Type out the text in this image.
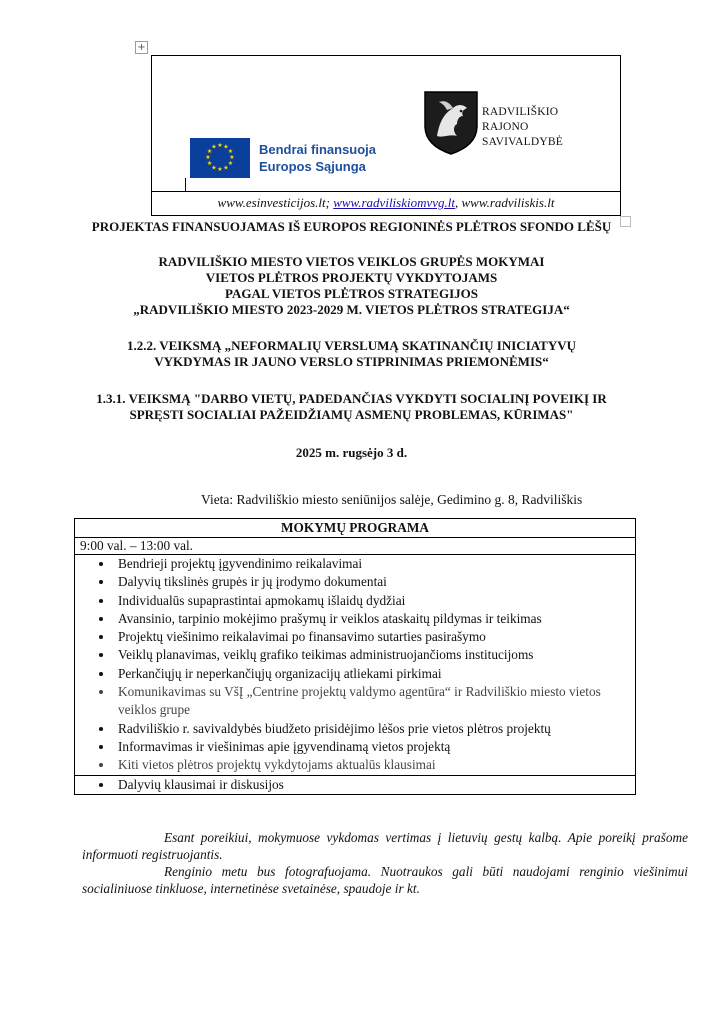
+
★ ★
★
★
★
★
★
★
★
★
★
★	Bendrai finansuoja
Europos Sąjunga
RADVILIŠKIO
RAJONO
SAVIVALDYBĖ
www.esinvesticijos.lt; www.radviliskiomvvg.lt, www.radviliskis.lt
PROJEKTAS FINANSUOJAMAS IŠ EUROPOS REGIONINĖS PLĖTROS SFONDO LĖŠŲ
RADVILIŠKIO MIESTO VIETOS VEIKLOS GRUPĖS MOKYMAI
VIETOS PLĖTROS PROJEKTŲ VYKDYTOJAMS
PAGAL VIETOS PLĖTROS STRATEGIJOS
„RADVILIŠKIO MIESTO 2023-2029 M. VIETOS PLĖTROS STRATEGIJA“
1.2.2. VEIKSMĄ „NEFORMALIŲ VERSLUMĄ SKATINANČIŲ INICIATYVŲ
VYKDYMAS IR JAUNO VERSLO STIPRINIMAS PRIEMONĖMIS“
1.3.1. VEIKSMĄ "DARBO VIETŲ, PADEDANČIAS VYKDYTI SOCIALINĮ POVEIKĮ IR
SPRĘSTI SOCIALIAI PAŽEIDŽIAMŲ ASMENŲ PROBLEMAS, KŪRIMAS"
2025 m. rugsėjo 3 d.
Vieta: Radviliškio miesto seniūnijos salėje, Gedimino g. 8, Radviliškis
MOKYMŲ PROGRAMA
9:00 val. – 13:00 val.

• Bendrieji projektų įgyvendinimo reikalavimai
• Dalyvių tikslinės grupės ir jų įrodymo dokumentai
• Individualūs supaprastintai apmokamų išlaidų dydžiai
• Avansinio, tarpinio mokėjimo prašymų ir veiklos ataskaitų pildymas ir teikimas
• Projektų viešinimo reikalavimai po finansavimo sutarties pasirašymo
• Veiklų planavimas, veiklų grafiko teikimas administruojančioms institucijoms
• Perkančiųjų ir neperkančiųjų organizacijų atliekami pirkimai
• Komunikavimas su VšĮ „Centrine projektų valdymo agentūra“ ir Radviliškio miesto vietos veiklos grupe
• Radviliškio r. savivaldybės biudžeto prisidėjimo lėšos prie vietos plėtros projektų
• Informavimas ir viešinimas apie įgyvendinamą vietos projektą
• Kiti vietos plėtros projektų vykdytojams aktualūs klausimai

• Dalyvių klausimai ir diskusijos
Esant poreikiui, mokymuose vykdomas vertimas į lietuvių gestų kalbą. Apie poreikį prašome informuoti registruojantis.
Renginio metu bus fotografuojama. Nuotraukos gali būti naudojami renginio viešinimui socialiniuose tinkluose, internetinėse svetainėse, spaudoje ir kt.
